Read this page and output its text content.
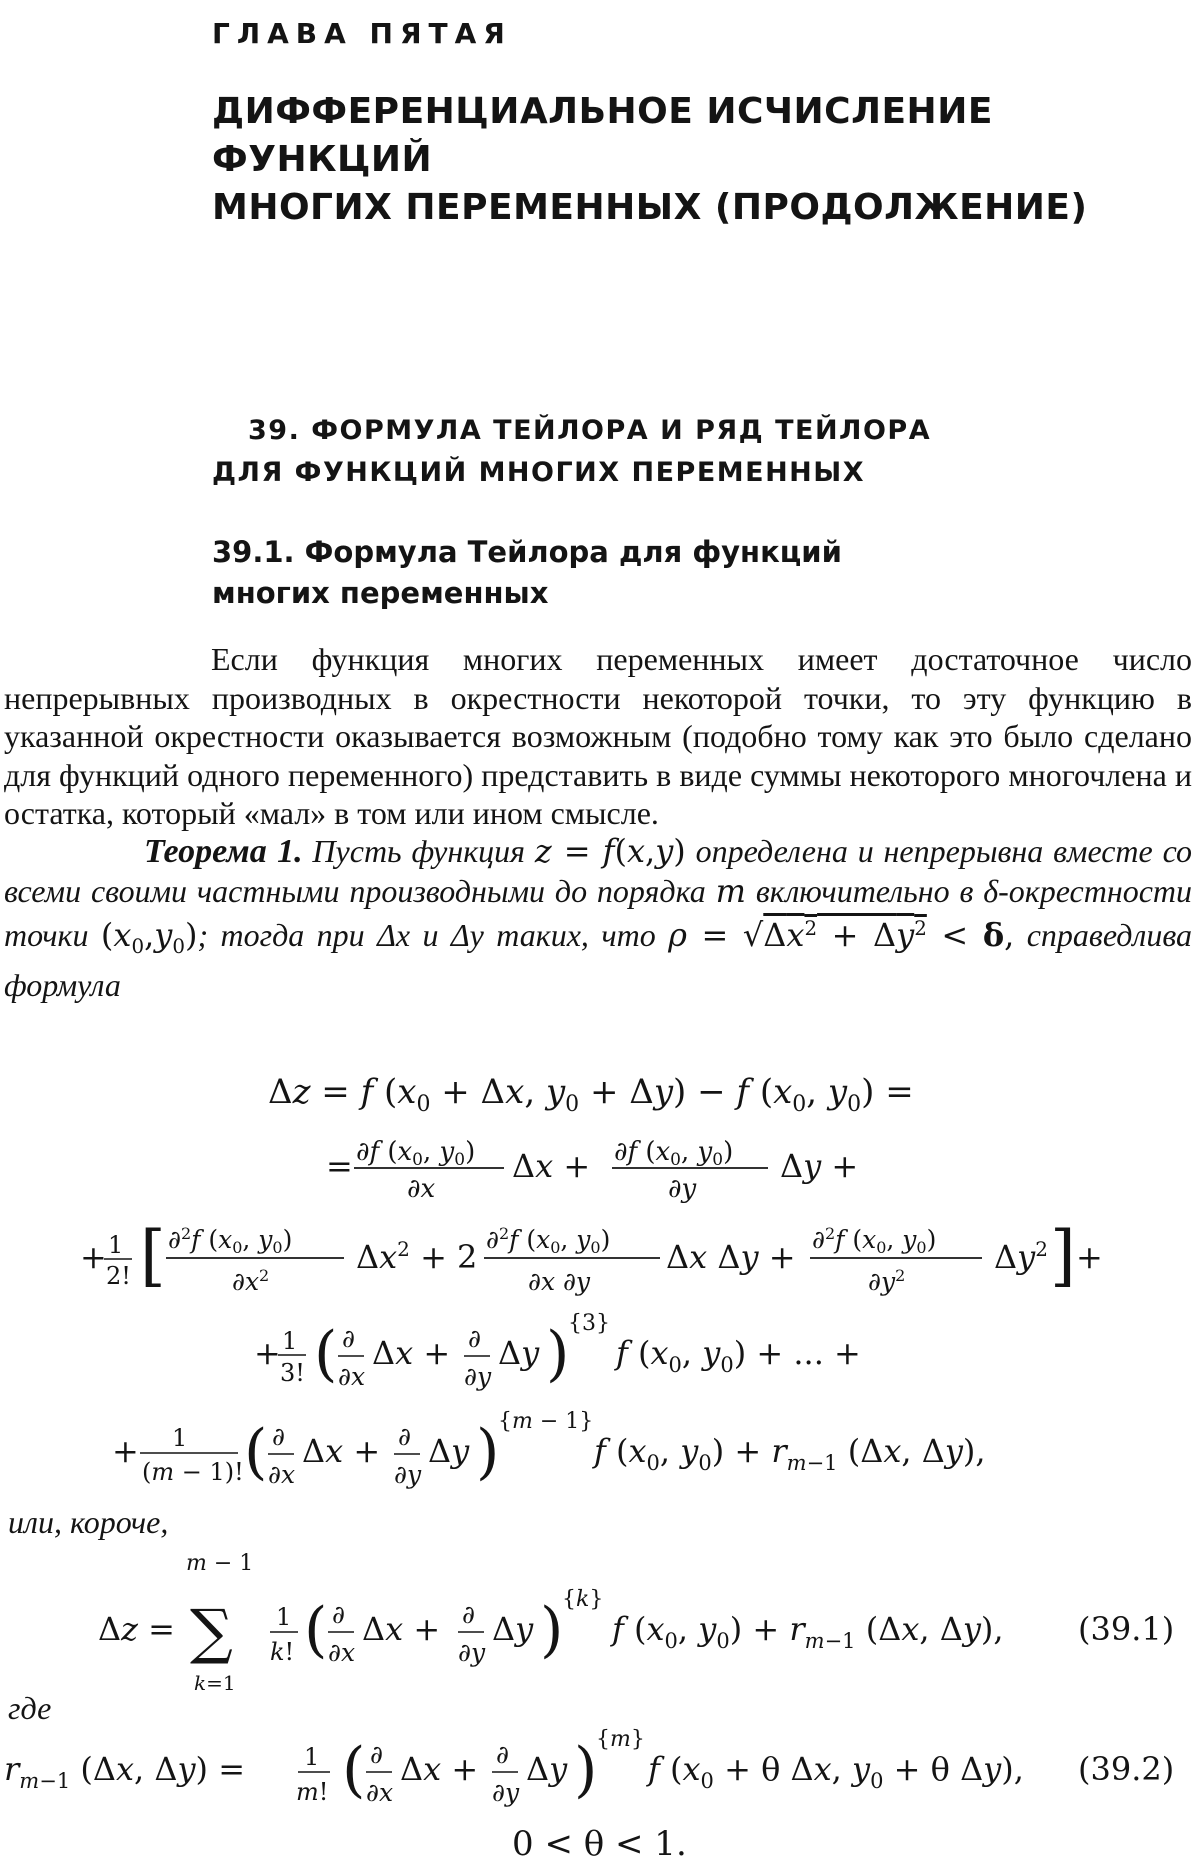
ГЛАВА ПЯТАЯ
ДИФФЕРЕНЦИАЛЬНОЕ ИСЧИСЛЕНИЕ ФУНКЦИЙ
МНОГИХ ПЕРЕМЕННЫХ (ПРОДОЛЖЕНИЕ)
39. ФОРМУЛА ТЕЙЛОРА И РЯД ТЕЙЛОРА
ДЛЯ ФУНКЦИЙ МНОГИХ ПЕРЕМЕННЫХ
39.1. Формула Тейлора для функций
многих переменных
Если функция многих переменных имеет достаточное число непрерывных производных в окрестности некоторой точки, то эту функцию в указанной окрестности оказывается возможным (подобно тому как это было сделано для функций одного переменного) представить в виде суммы некоторого многочлена и остатка, который «мал» в том или ином смысле.
Теорема 1. Пусть функция z = f(x,y) определена и непрерывна вместе со всеми своими частными производными до порядка m включительно в δ-окрестности точки $(x_0,y_0)$; тогда при Δx и Δy таких, что $\rho = √\Delta x^2 + \Delta y^2 < \delta$, справедлива формула
Δz = f ($x_0 + \Delta x$, $y_0 + \Delta y) - f$ ($x_0$, $y_0$) =
= ∂f (x0, y0)
∂x
Δx + ∂f (x0, y0)
∂y
Δy +
+ 1
2! [ ∂$^2$f ($x_0$, $y_0$)
$\partial x^2$	$\Delta x^2 + 2$ ∂$^2$f ($x_0$, $y_0$)
∂x ∂y
Δx Δy + ∂$^2$f ($x_0$, $y_0$)
$\partial y^2$	$\Delta y^2$ ] +
+ 1
3! ( ∂
∂x
Δx + ∂
∂y
Δy )
{3}
f ($x_0$, $y_0$) + ... +
+ 1
(m − 1)! ( ∂
∂x
Δx + ∂
∂y
Δy )
{m − 1}
f ($x_0$, $y_0) + r_m-1$ (Δx, Δy),
m − 1
Δz = ∑
k=1
1
k! ( ∂
∂x
Δx + ∂
∂y
Δy )
{k}
f ($x_0$, $y_0) + r_m-1$ (Δx, Δy), (39.1)
$r_m-1$ (Δx, Δy) = 1
m! ( ∂
∂x
Δx + ∂
∂y
Δy )
{m}
f ($x_0 + \theta$ Δx, $y_0 + \theta$ Δy), (39.2)
0 < θ < 1.
или, короче,
где
